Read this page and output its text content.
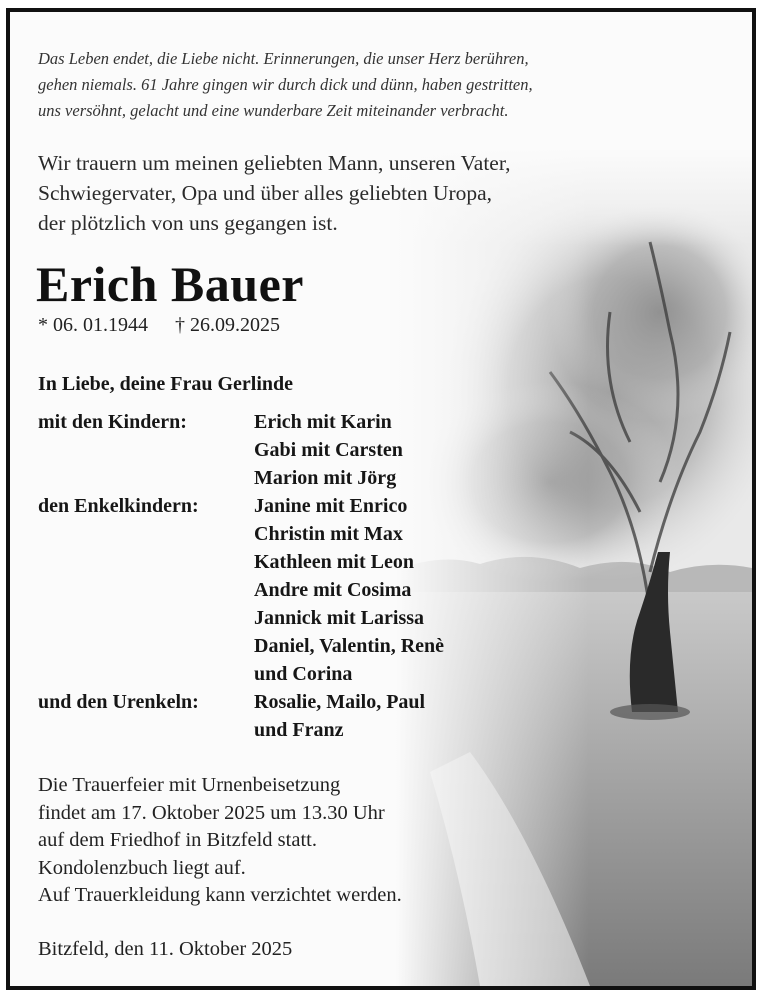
Das Leben endet, die Liebe nicht. Erinnerungen, die unser Herz berühren,
gehen niemals. 61 Jahre gingen wir durch dick und dünn, haben gestritten,
uns versöhnt, gelacht und eine wunderbare Zeit miteinander verbracht.
Wir trauern um meinen geliebten Mann, unseren Vater,
Schwiegervater, Opa und über alles geliebten Uropa,
der plötzlich von uns gegangen ist.
Erich Bauer
* 06. 01.1944 † 26.09.2025
In Liebe, deine Frau Gerlinde
mit den Kindern:	Erich mit Karin
Gabi mit Carsten
Marion mit Jörg
den Enkelkindern:	Janine mit Enrico
Christin mit Max
Kathleen mit Leon
Andre mit Cosima
Jannick mit Larissa
Daniel, Valentin, Renè
und Corina
und den Urenkeln:	Rosalie, Mailo, Paul
und Franz
Die Trauerfeier mit Urnenbeisetzung
findet am 17. Oktober 2025 um 13.30 Uhr
auf dem Friedhof in Bitzfeld statt.
Kondolenzbuch liegt auf.
Auf Trauerkleidung kann verzichtet werden.
Bitzfeld, den 11. Oktober 2025
